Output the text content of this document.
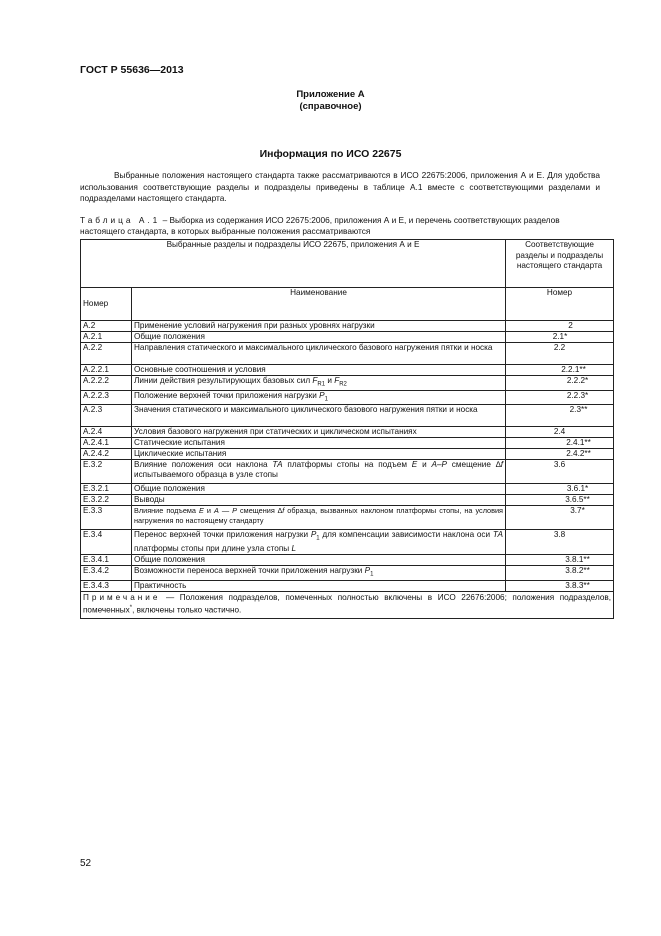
ГОСТ Р 55636—2013
Приложение А
(справочное)
Информация по ИСО 22675
Выбранные положения настоящего стандарта также рассматриваются в ИСО 22675:2006, приложения А и Е. Для удобства использования соответствующие разделы и подразделы приведены в таблице А.1 вместе с соответствующими разделами и подразделами настоящего стандарта.
Таблица А.1 – Выборка из содержания ИСО 22675:2006, приложения А и Е, и перечень соответствующих разделов настоящего стандарта, в которых выбранные положения рассматриваются
Выбранные разделы и подразделы ИСО 22675, приложения А и Е		Соответствующие разделы и подразделы настоящего стандарта
Номер	Наименование	Номер
А.2	Применение условий нагружения при разных уровнях нагрузки	2
А.2.1	Общие положения	2.1*
А.2.2	Направления статического и максимального циклического базового нагружения пятки и носка	2.2
А.2.2.1	Основные соотношения и условия	2.2.1**
А.2.2.2	Линии действия результирующих базовых сил $F_{R1}$ и $F_{R2}$	2.2.2*
А.2.2.3	Положение верхней точки приложения нагрузки $P_1$	2.2.3*
А.2.3	Значения статического и максимального циклического базового нагружения пятки и носка	2.3**
А.2.4	Условия базового нагружения при статических и циклическом испытаниях	2.4
А.2.4.1	Статические испытания	2.4.1**
А.2.4.2	Циклические испытания	2.4.2**
Е.3.2	Влияние положения оси наклона ТА платформы стопы на подъем Е и А–Р смещение ∆f испытываемого образца в узле стопы	3.6
Е.3.2.1	Общие положения	3.6.1*
Е.3.2.2	Выводы	3.6.5**
Е.3.3	Влияние подъема Е и А — Р смещения ∆f образца, вызванных наклоном платформы стопы, на условия нагружения по настоящему стандарту	3.7*
Е.3.4	Перенос верхней точки приложения нагрузки $P_1$ для компенсации зависимости наклона оси ТА платформы стопы при длине узла стопы L	3.8
Е.3.4.1	Общие положения	3.8.1**
Е.3.4.2	Возможности переноса верхней точки приложения нагрузки $P_1$	3.8.2**
Е.3.4.3	Практичность	3.8.3**
Примечание — Положения подразделов, помеченных полностью включены в ИСО 22676:2006; положения подразделов, помеченных*, включены только частично.		
52
